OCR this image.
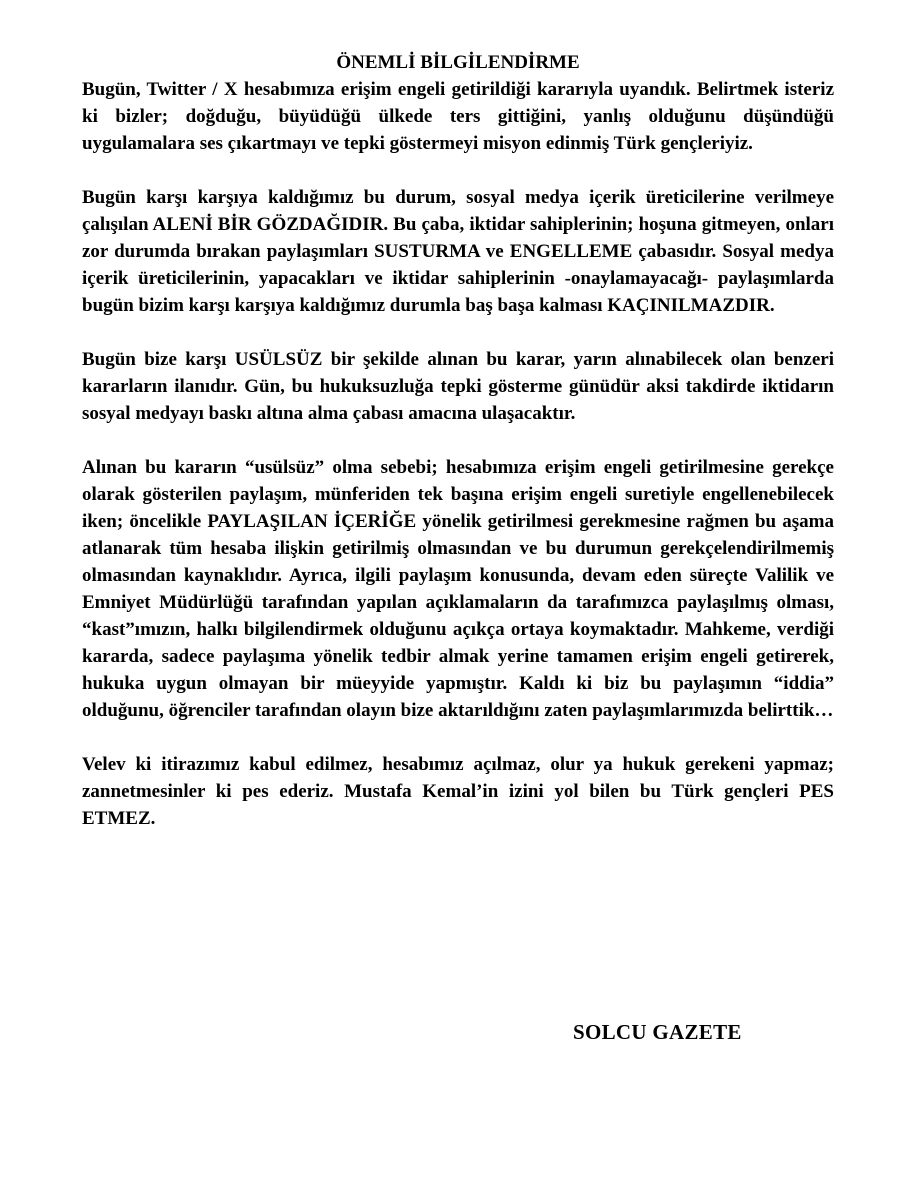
ÖNEMLİ BİLGİLENDİRME

Bugün, Twitter / X hesabımıza erişim engeli getirildiği kararıyla uyandık. Belirtmek isteriz ki bizler; doğduğu, büyüdüğü ülkede ters gittiğini, yanlış olduğunu düşündüğü uygulamalara ses çıkartmayı ve tepki göstermeyi misyon edinmiş Türk gençleriyiz.

Bugün karşı karşıya kaldığımız bu durum, sosyal medya içerik üreticilerine verilmeye çalışılan ALENİ BİR GÖZDAĞIDIR. Bu çaba, iktidar sahiplerinin; hoşuna gitmeyen, onları zor durumda bırakan paylaşımları SUSTURMA ve ENGELLEME çabasıdır. Sosyal medya içerik üreticilerinin, yapacakları ve iktidar sahiplerinin -onaylamayacağı- paylaşımlarda bugün bizim karşı karşıya kaldığımız durumla baş başa kalması KAÇINILMAZDIR.

Bugün bize karşı USÜLSÜZ bir şekilde alınan bu karar, yarın alınabilecek olan benzeri kararların ilanıdır. Gün, bu hukuksuzluğa tepki gösterme günüdür aksi takdirde iktidarın sosyal medyayı baskı altına alma çabası amacına ulaşacaktır.

Alınan bu kararın “usülsüz” olma sebebi; hesabımıza erişim engeli getirilmesine gerekçe olarak gösterilen paylaşım, münferiden tek başına erişim engeli suretiyle engellenebilecek iken; öncelikle PAYLAŞILAN İÇERİĞE yönelik getirilmesi gerekmesine rağmen bu aşama atlanarak tüm hesaba ilişkin getirilmiş olmasından ve bu durumun gerekçelendirilmemiş olmasından kaynaklıdır. Ayrıca, ilgili paylaşım konusunda, devam eden süreçte Valilik ve Emniyet Müdürlüğü tarafından yapılan açıklamaların da tarafımızca paylaşılmış olması, “kast”ımızın, halkı bilgilendirmek olduğunu açıkça ortaya koymaktadır. Mahkeme, verdiği kararda, sadece paylaşıma yönelik tedbir almak yerine tamamen erişim engeli getirerek, hukuka uygun olmayan bir müeyyide yapmıştır. Kaldı ki biz bu paylaşımın “iddia” olduğunu, öğrenciler tarafından olayın bize aktarıldığını zaten paylaşımlarımızda belirttik…

Velev ki itirazımız kabul edilmez, hesabımız açılmaz, olur ya hukuk gerekeni yapmaz; zannetmesinler ki pes ederiz. Mustafa Kemal’in izini yol bilen bu Türk gençleri PES ETMEZ.

SOLCU GAZETE
